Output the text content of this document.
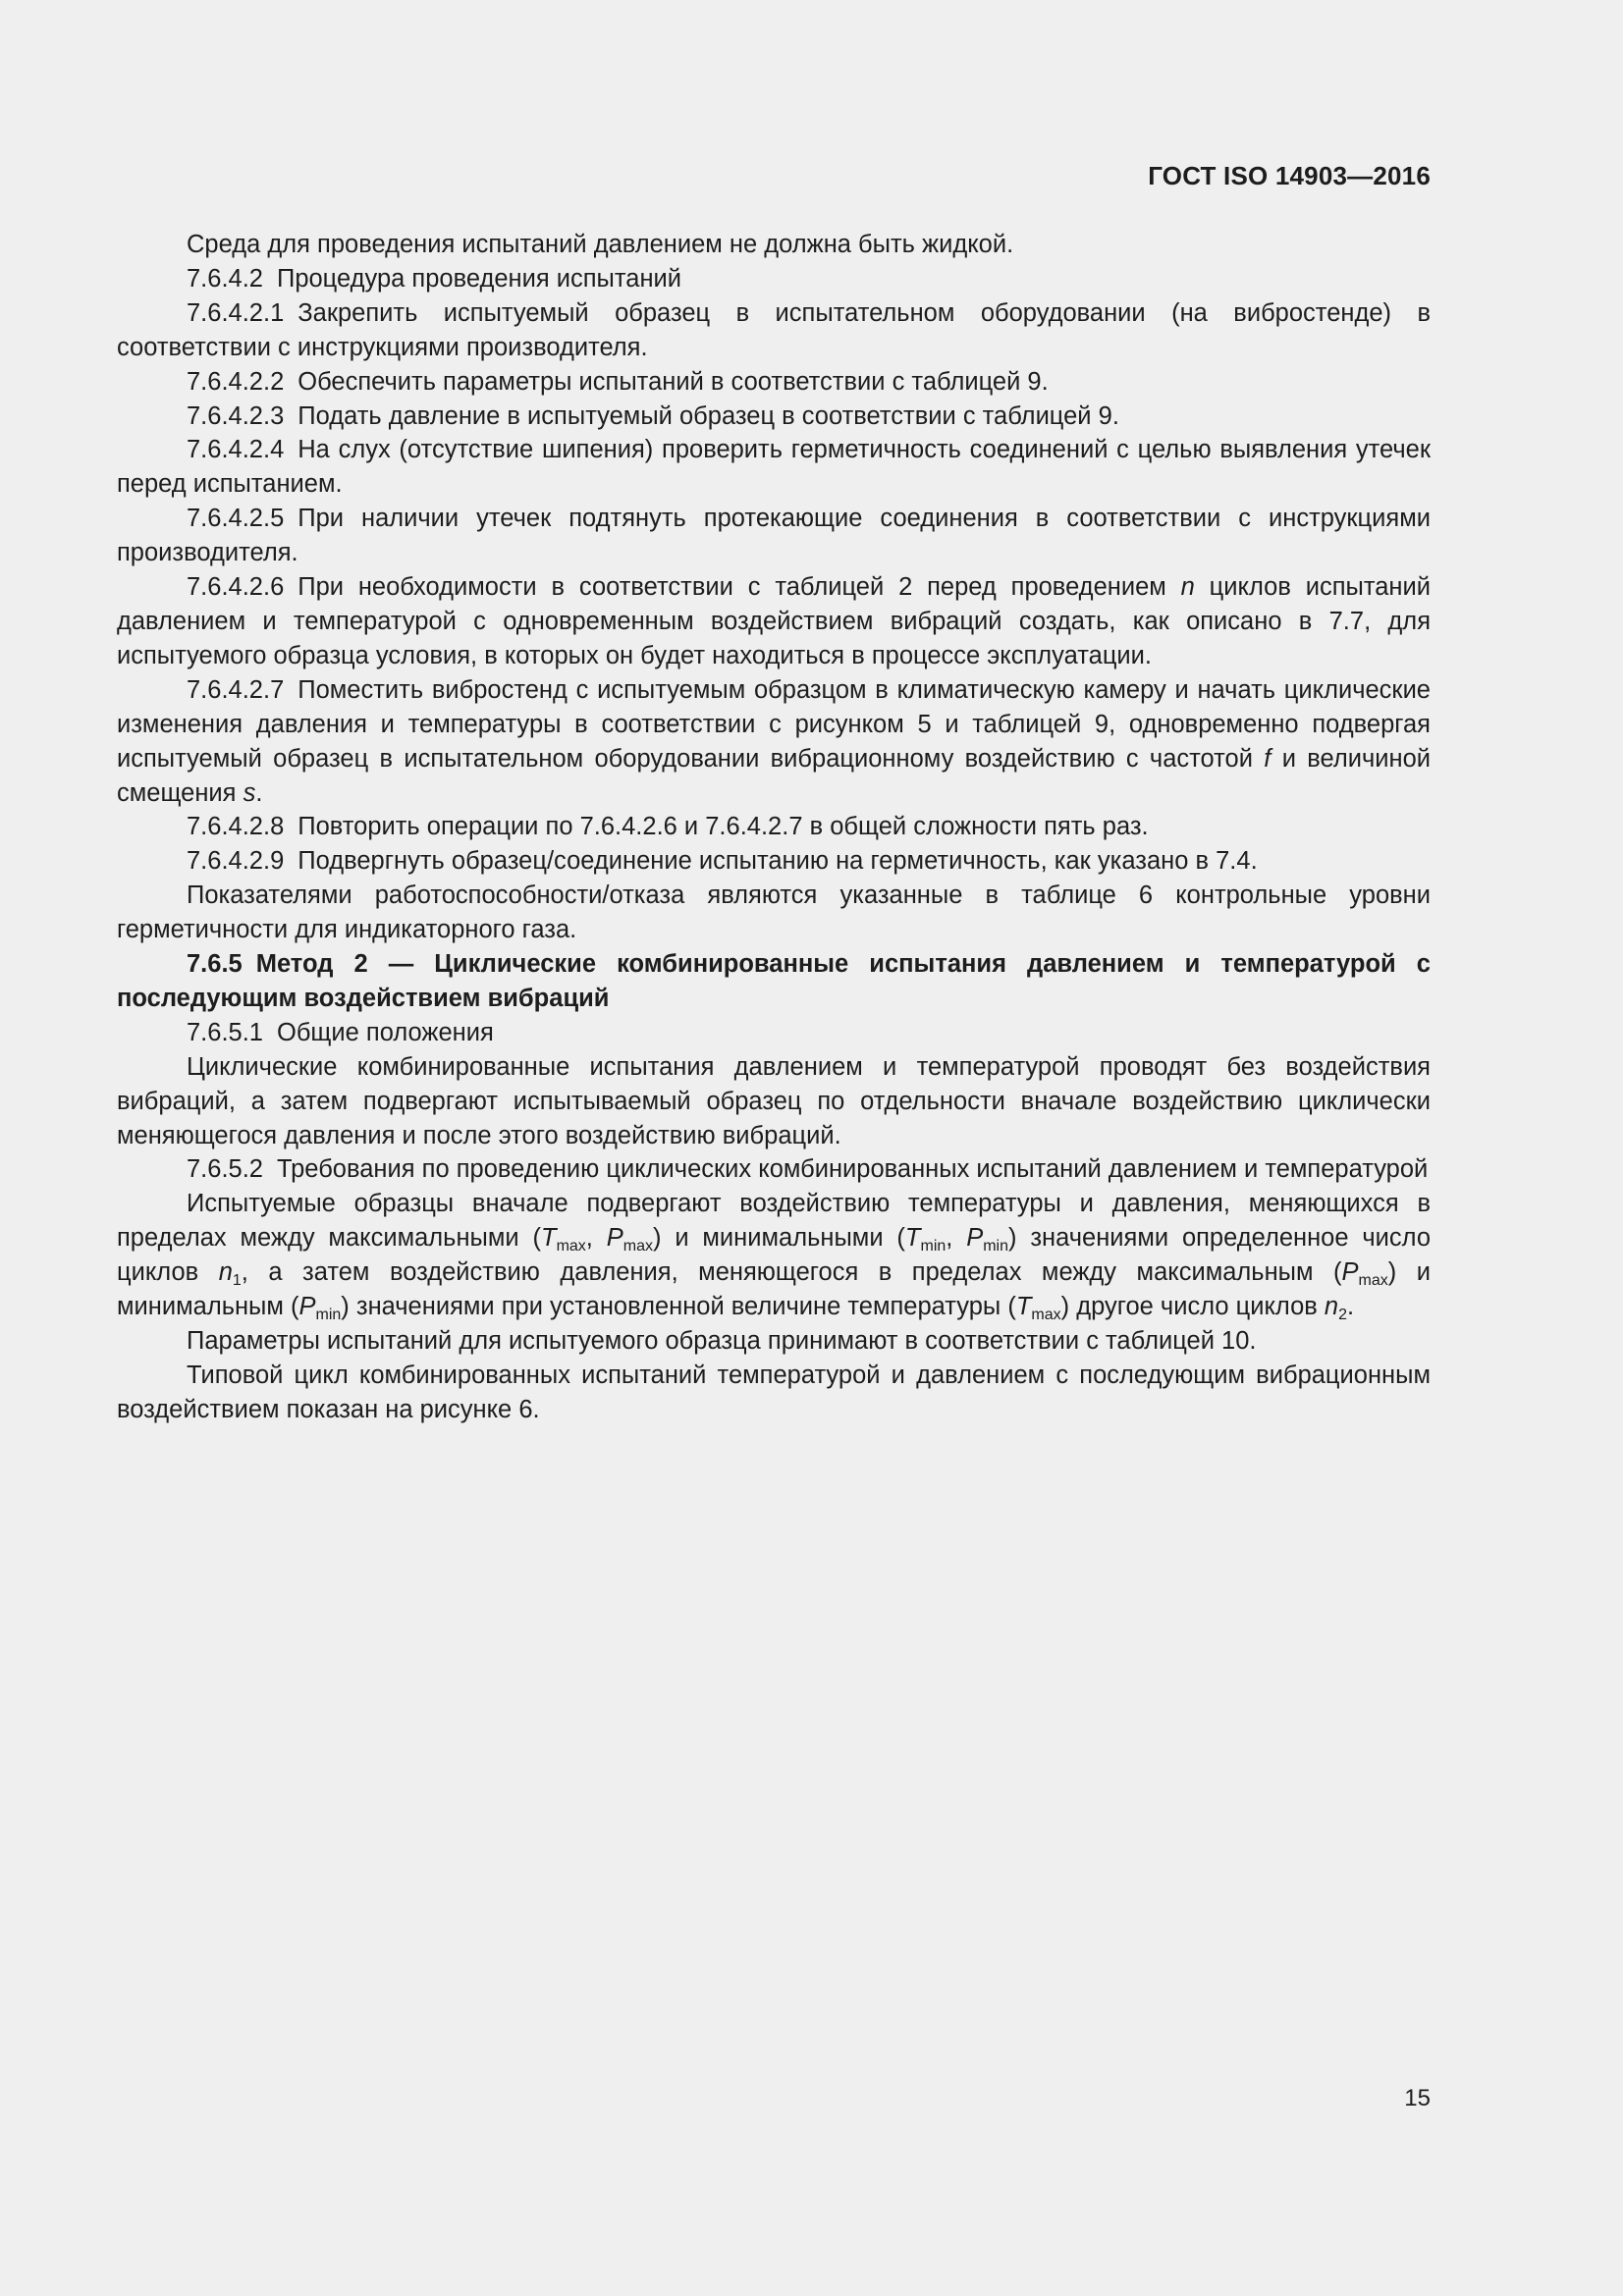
ГОСТ ISO 14903—2016

Среда для проведения испытаний давлением не должна быть жидкой.

7.6.4.2 Процедура проведения испытаний

7.6.4.2.1 Закрепить испытуемый образец в испытательном оборудовании (на вибростенде) в соответствии с инструкциями производителя.

7.6.4.2.2 Обеспечить параметры испытаний в соответствии с таблицей 9.

7.6.4.2.3 Подать давление в испытуемый образец в соответствии с таблицей 9.

7.6.4.2.4 На слух (отсутствие шипения) проверить герметичность соединений с целью выявления утечек перед испытанием.

7.6.4.2.5 При наличии утечек подтянуть протекающие соединения в соответствии с инструкциями производителя.

7.6.4.2.6 При необходимости в соответствии с таблицей 2 перед проведением n циклов испытаний давлением и температурой с одновременным воздействием вибраций создать, как описано в 7.7, для испытуемого образца условия, в которых он будет находиться в процессе эксплуатации.

7.6.4.2.7 Поместить вибростенд с испытуемым образцом в климатическую камеру и начать циклические изменения давления и температуры в соответствии с рисунком 5 и таблицей 9, одновременно подвергая испытуемый образец в испытательном оборудовании вибрационному воздействию с частотой f и величиной смещения s.

7.6.4.2.8 Повторить операции по 7.6.4.2.6 и 7.6.4.2.7 в общей сложности пять раз.

7.6.4.2.9 Подвергнуть образец/соединение испытанию на герметичность, как указано в 7.4.

Показателями работоспособности/отказа являются указанные в таблице 6 контрольные уровни герметичности для индикаторного газа.

7.6.5 Метод 2 — Циклические комбинированные испытания давлением и температурой с последующим воздействием вибраций

7.6.5.1 Общие положения

Циклические комбинированные испытания давлением и температурой проводят без воздействия вибраций, а затем подвергают испытываемый образец по отдельности вначале воздействию циклически меняющегося давления и после этого воздействию вибраций.

7.6.5.2 Требования по проведению циклических комбинированных испытаний давлением и температурой

Испытуемые образцы вначале подвергают воздействию температуры и давления, меняющихся в пределах между максимальными ($T_{max}$, $P_{max}$) и минимальными ($T_{min}$, $P_{min}$) значениями определенное число циклов $n_1$, а затем воздействию давления, меняющегося в пределах между максимальным $(P_{max})$ и минимальным $(P_{min})$ значениями при установленной величине температуры $(T_{max})$ другое число циклов $n_2$.

Параметры испытаний для испытуемого образца принимают в соответствии с таблицей 10.

Типовой цикл комбинированных испытаний температурой и давлением с последующим вибрационным воздействием показан на рисунке 6.

15
